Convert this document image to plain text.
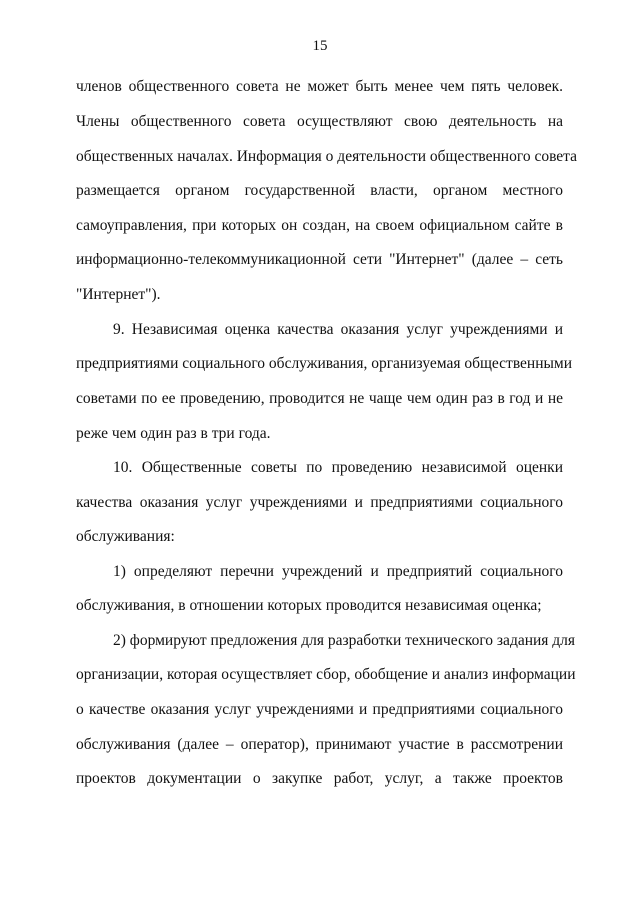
15
членов общественного совета не может быть менее чем пять человек.
Члены общественного совета осуществляют свою деятельность на
общественных началах. Информация о деятельности общественного совета
размещается органом государственной власти, органом местного
самоуправления, при которых он создан, на своем официальном сайте в
информационно-телекоммуникационной сети "Интернет" (далее – сеть
"Интернет").
9. Независимая оценка качества оказания услуг учреждениями и
предприятиями социального обслуживания, организуемая общественными
советами по ее проведению, проводится не чаще чем один раз в год и не
реже чем один раз в три года.
10. Общественные советы по проведению независимой оценки
качества оказания услуг учреждениями и предприятиями социального
обслуживания:
1) определяют перечни учреждений и предприятий социального
обслуживания, в отношении которых проводится независимая оценка;
2) формируют предложения для разработки технического задания для
организации, которая осуществляет сбор, обобщение и анализ информации
о качестве оказания услуг учреждениями и предприятиями социального
обслуживания (далее – оператор), принимают участие в рассмотрении
проектов документации о закупке работ, услуг, а также проектов
